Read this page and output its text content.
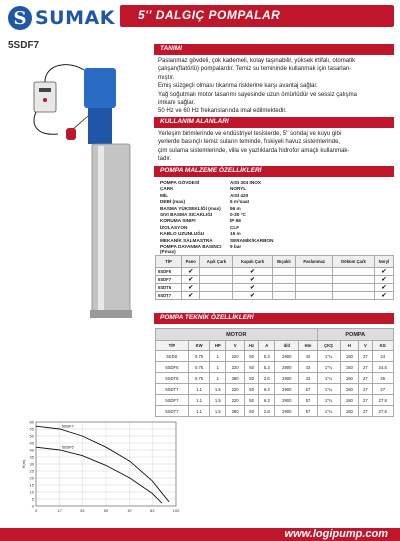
S SUMAK 5'' DALGIÇ POMPALAR
5SDF7	TANIMI
Paslanmaz gövdeli, çok kademeli, kolay taşınabilir, yüksek irtifalı, otomatik
çalışan(flatörlü) pompalardır. Temiz su temininde kullanmak için tasarlan-
mıştır.
Emiş süzgeçli olması tıkanma risklerine karşı avantaj sağlar.
Yağ soğutmalı motor tasarımı sayesinde uzun ömürlüdür ve sessiz çalışma
imkanı sağlar.
50 Hz ve 60 Hz frekanslarında imal edilmektedir.
KULLANIM ALANLARI
Yerleşim birimlerinde ve endüstriyel tesislerde, 5'' sondaj ve kuyu gibi
yerlerde basınçlı temiz suların teminde, fıskiyeli havuz sistemlerinde,
çim sulama sistemlerinde, villa ve yazlıklarda hidrofor amaçlı kullanmak-
tadır.
POMPA MALZEME ÖZELLİKLERİ
POMPA GÖVDESİ	AISI 304 INOX
ÇARK	NORYL
MİL	AISI 420
DEBİ (max)	6 m³saat
BASMA YÜKSEKLİĞİ (max)	56 m
SIVI BASMA SICAKLIĞI	0-30 °C
KORUMA SINIFI	IP 68
İZOLASYON	CLF
KABLO UZUNLUĞU	15 m
MEKANİK SALMASTRA	SERAMİK/KARBON
POMPA DAYANMA BASINCI (Pmax)
9 bar
TİP	Pano	Açık Çark	Kapalı Çark	Bıçaklı	Paslanmaz	Döküm Çark	Noryl
5SDF5	✔		✔				✔
5SDF7	✔		✔				✔
5SDT5	✔		✔				✔
5SDT7	✔		✔				✔
POMPA TEKNİK ÖZELLİKLERİ
MOTOR								POMPA			
TİP	KW	HP	V	Hz	A	d/d	Hm	ÇKŞ	H	V	KG
5SDS	0.75	1	220	50	5.3	2900	42	1"¼	150	27	24
5SDF5	0.75	1	220	50	5.3	2900	42	1"¼	150	27	24.5
5SDT5	0.75	1	380	50	2.6	2900	42	1"¼	150	27	26
5SDT7	1.1	1.5	220	50	6.3	2900	57	1"¼	150	27	27
5SDF7	1.1	1.5	220	50	6.3	2900	57	1"¼	150	27	27.8
5SDT7	1.1	1.5	380	50	2.8	2900	57	1"¼	150	27	27.6
0
5
10
15
20
25
30
35
40
45
50
55
60
0	17	33	50	67	83	100
H(m)
5SDF7
5SDF5
www.logipump.com
